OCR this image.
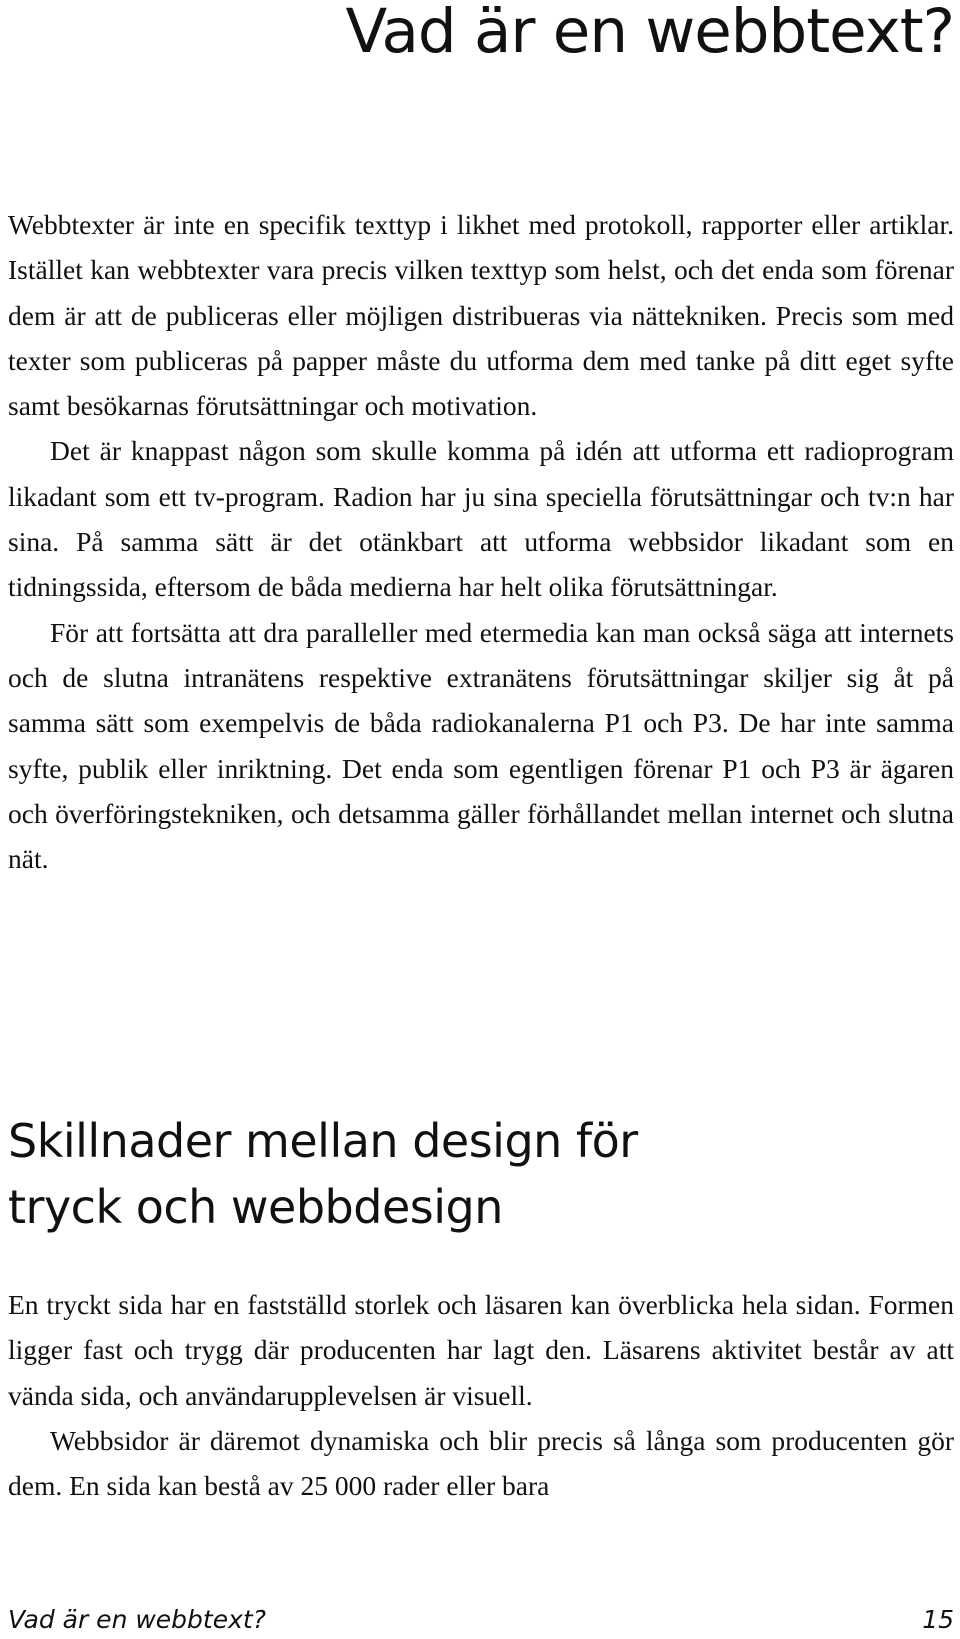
Vad är en webbtext?

Webbtexter är inte en specifik texttyp i likhet med protokoll, rapporter eller artiklar. Istället kan webbtexter vara precis vilken texttyp som helst, och det enda som förenar dem är att de publiceras eller möjligen distribueras via nättekniken. Precis som med texter som publiceras på papper måste du utforma dem med tanke på ditt eget syfte samt besökarnas förutsättningar och motivation.

Det är knappast någon som skulle komma på idén att utforma ett radioprogram likadant som ett tv-program. Radion har ju sina speciella förutsättningar och tv:n har sina. På samma sätt är det otänkbart att utforma webbsidor likadant som en tidningssida, eftersom de båda medierna har helt olika förutsättningar.

För att fortsätta att dra paralleller med etermedia kan man också säga att internets och de slutna intranätens respektive extranätens förutsättningar skiljer sig åt på samma sätt som exempelvis de båda radiokanalerna P1 och P3. De har inte samma syfte, publik eller inriktning. Det enda som egentligen förenar P1 och P3 är ägaren och överföringstekniken, och detsamma gäller förhållandet mellan internet och slutna nät.

Skillnader mellan design för
tryck och webbdesign

En tryckt sida har en fastställd storlek och läsaren kan överblicka hela sidan. Formen ligger fast och trygg där producenten har lagt den. Läsarens aktivitet består av att vända sida, och användarupplevelsen är visuell.

Webbsidor är däremot dynamiska och blir precis så långa som producenten gör dem. En sida kan bestå av 25 000 rader eller bara

Vad är en webbtext?	15
